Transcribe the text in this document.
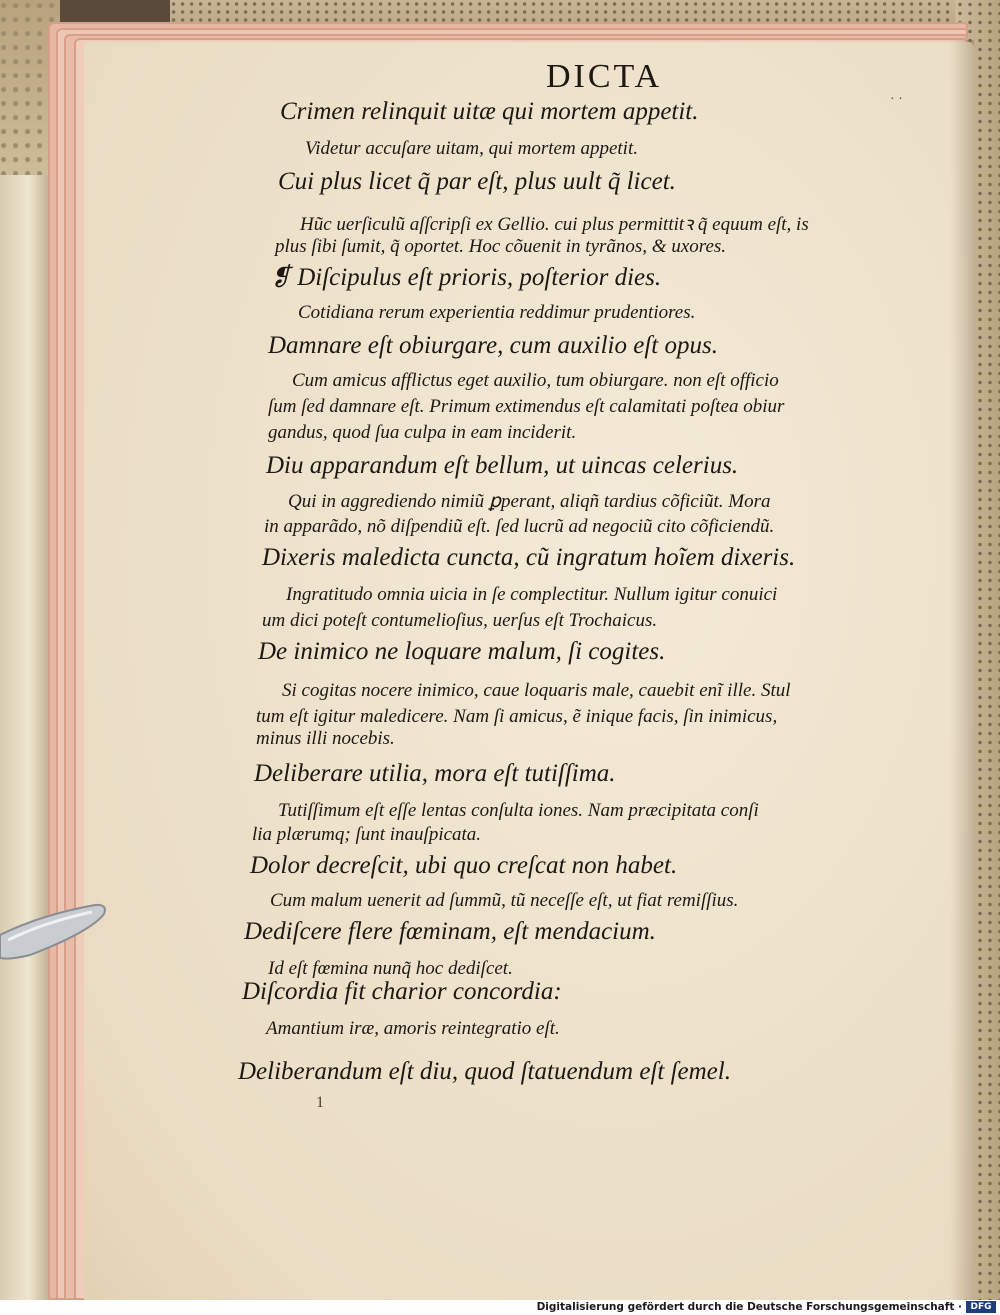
DICTA

· ·

Crimen relinquit uitæ qui mortem appetit.

Videtur accuſare uitam, qui mortem appetit.

Cui plus licet q̃ par eſt, plus uult q̃ licet.

Hũc uerſiculũ aſſcripſi ex Gellio. cui plus permittitꝛ q̃ equum eſt, is

plus ſibi ſumit, q̃ oportet. Hoc cõuenit in tyrãnos, & uxores.

❡ Diſcipulus eſt prioris, poſterior dies.

Cotidiana rerum experientia reddimur prudentiores.

Damnare eſt obiurgare, cum auxilio eſt opus.

Cum amicus afflictus eget auxilio, tum obiurgare. non eſt officio

ſum ſed damnare eſt. Primum extimendus eſt calamitati poſtea obiur

gandus, quod ſua culpa in eam inciderit.

Diu apparandum eſt bellum, ut uincas celerius.

Qui in aggrediendo nimiũ ꝑperant, aliqñ tardius cõficiũt. Mora

in apparãdo, nõ diſpendiũ eſt. ſed lucrũ ad negociũ cito cõficiendũ.

Dixeris maledicta cuncta, cũ ingratum hoĩem dixeris.

Ingratitudo omnia uicia in ſe complectitur. Nullum igitur conuici

um dici poteſt contumelioſius, uerſus eſt Trochaicus.

De inimico ne loquare malum, ſi cogites.

Si cogitas nocere inimico, caue loquaris male, cauebit enĩ ille. Stul

tum eſt igitur maledicere. Nam ſi amicus, ẽ inique facis, ſin inimicus,

minus illi nocebis.

Deliberare utilia, mora eſt tutiſſima.

Tutiſſimum eſt eſſe lentas conſulta iones. Nam præcipitata conſi

lia plærumq; ſunt inauſpicata.

Dolor decreſcit, ubi quo creſcat non habet.

Cum malum uenerit ad ſummũ, tũ neceſſe eſt, ut fiat remiſſius.

Dediſcere flere fœminam, eſt mendacium.

Id eſt fœmina nunq̃ hoc dediſcet.

Diſcordia fit charior concordia:

Amantium iræ, amoris reintegratio eſt.

Deliberandum eſt diu, quod ſtatuendum eſt ſemel.

1

Digitalisierung gefördert durch die Deutsche Forschungsgemeinschaft · DFG
